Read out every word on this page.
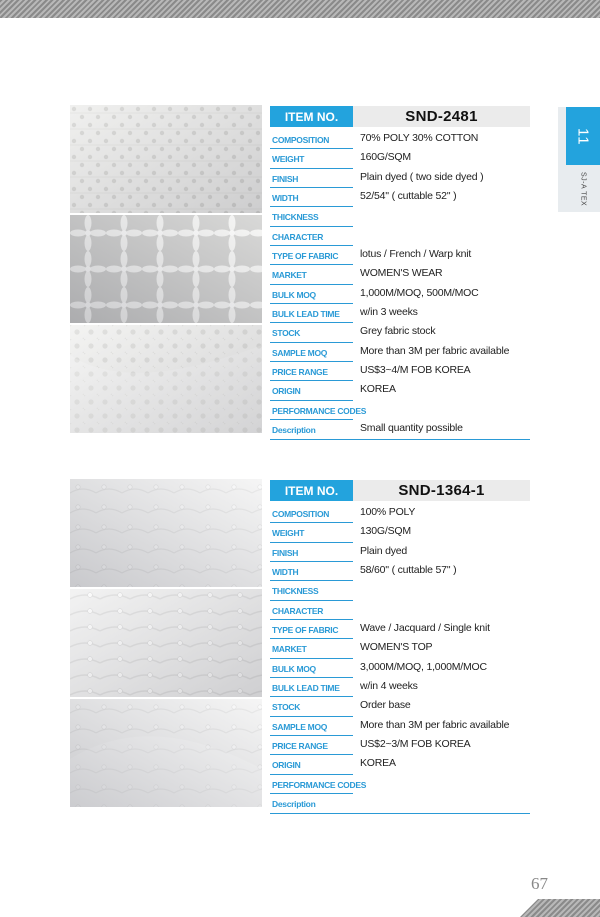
11
SJ-A TEX
ITEM NO.	SND-2481
COMPOSITION	70% POLY 30% COTTON
WEIGHT	160G/SQM
FINISH	Plain dyed ( two side dyed )
WIDTH	52/54'' ( cuttable 52'' )
THICKNESS
CHARACTER
TYPE OF FABRIC lotus / French / Warp knit
MARKET	WOMEN'S WEAR
BULK MOQ	1,000M/MOQ, 500M/MOC
BULK LEAD TIME w/in 3 weeks
STOCK	Grey fabric stock
SAMPLE MOQ	More than 3M per fabric available
PRICE RANGE	US$3~4/M FOB KOREA
ORIGIN	KOREA
PERFORMANCE CODES
Description	Small quantity possible
ITEM NO.	SND-1364-1
COMPOSITION	100% POLY
WEIGHT	130G/SQM
FINISH	Plain dyed
WIDTH	58/60'' ( cuttable 57'' )
THICKNESS
CHARACTER
TYPE OF FABRIC Wave / Jacquard / Single knit
MARKET	WOMEN'S TOP
BULK MOQ	3,000M/MOQ, 1,000M/MOC
BULK LEAD TIME w/in 4 weeks
STOCK	Order base
SAMPLE MOQ	More than 3M per fabric available
PRICE RANGE	US$2~3/M FOB KOREA
ORIGIN	KOREA
PERFORMANCE CODES
Description
67
